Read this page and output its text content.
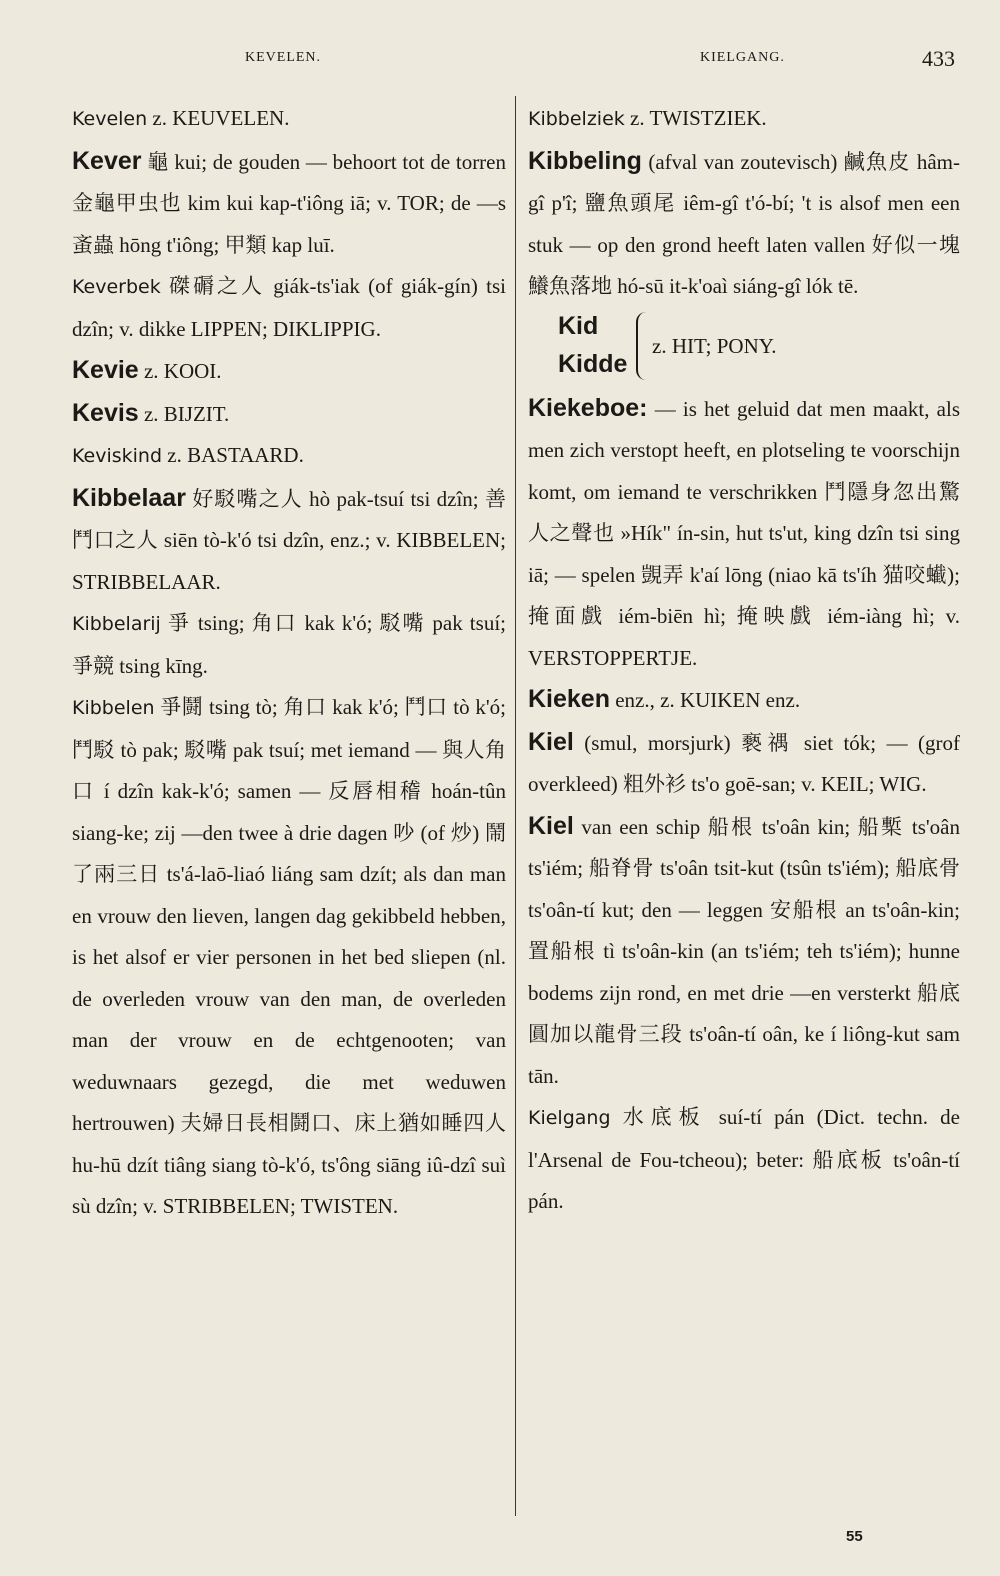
KEVELEN.	KIELGANG.	433

Kevelen z. KEUVELEN.

Kever 龜 kui; de gouden — behoort tot de torren 金龜甲虫也 kim kui kap-t'iông iā; v. TOR; de —s 蚉蟲 hōng t'iông; 甲類 kap luī.

Keverbek 磔磭之人 giák-ts'iak (of giák-gín) tsi dzîn; v. dikke LIPPEN; DIKLIPPIG.

Kevie z. KOOI.

Kevis z. BIJZIT.

Keviskind z. BASTAARD.

Kibbelaar 好駁嘴之人 hò pak-tsuí tsi dzîn; 善鬥口之人 siēn tò-k'ó tsi dzîn, enz.; v. KIBBELEN; STRIBBELAAR.

Kibbelarij 爭 tsing; 角口 kak k'ó; 駁嘴 pak tsuí; 爭競 tsing kīng.

Kibbelen 爭鬪 tsing tò; 角口 kak k'ó; 鬥口 tò k'ó; 鬥駁 tò pak; 駁嘴 pak tsuí; met iemand — 與人角口 í dzîn kak-k'ó; samen — 反唇相稽 hoán-tûn siang-ke; zij —den twee à drie dagen 吵 (of 炒) 鬧了兩三日 ts'á-laō-liaó liáng sam dzít; als dan man en vrouw den lieven, langen dag gekibbeld hebben, is het alsof er vier personen in het bed sliepen (nl. de overleden vrouw van den man, de overleden man der vrouw en de echtgenooten; van weduwnaars gezegd, die met weduwen hertrouwen) 夫婦日長相鬪口、床上猶如睡四人 hu-hū dzít tiâng siang tò-k'ó, ts'ông siāng iû-dzî suì sù dzîn; v. STRIBBELEN; TWISTEN.

Kibbelziek z. TWISTZIEK.

Kibbeling (afval van zoutevisch) 鹹魚皮 hâm-gî p'î; 鹽魚頭尾 iêm-gî t'ó-bí; 't is alsof men een stuk — op den grond heeft laten vallen 好似一塊鱶魚落地 hó-sū it-k'oaì siáng-gî lók tē.

Kid
Kidde
z. HIT; PONY.

Kiekeboe: — is het geluid dat men maakt, als men zich verstopt heeft, en plotseling te voorschijn komt, om iemand te verschrikken 鬥隱身忽出驚人之聲也 »Hík" ín-sin, hut ts'ut, king dzîn tsi sing iā; — spelen 覬弄 k'aí lōng (niao kā ts'íh 猫咬蠘); 掩面戲 iém-biēn hì; 掩映戲 iém-iàng hì; v. VERSTOPPERTJE.

Kieken enz., z. KUIKEN enz.

Kiel (smul, morsjurk) 褻禑 siet tók; — (grof overkleed) 粗外衫 ts'o goē-san; v. KEIL; WIG.

Kiel van een schip 船根 ts'oân kin; 船槧 ts'oân ts'iém; 船脊骨 ts'oân tsit-kut (tsûn ts'iém); 船底骨 ts'oân-tí kut; den — leggen 安船根 an ts'oân-kin; 置船根 tì ts'oân-kin (an ts'iém; teh ts'iém); hunne bodems zijn rond, en met drie —en versterkt 船底圓加以龍骨三段 ts'oân-tí oân, ke í liông-kut sam tān.

Kielgang 水底板 suí-tí pán (Dict. techn. de l'Arsenal de Fou-tcheou); beter: 船底板 ts'oân-tí pán.

55
